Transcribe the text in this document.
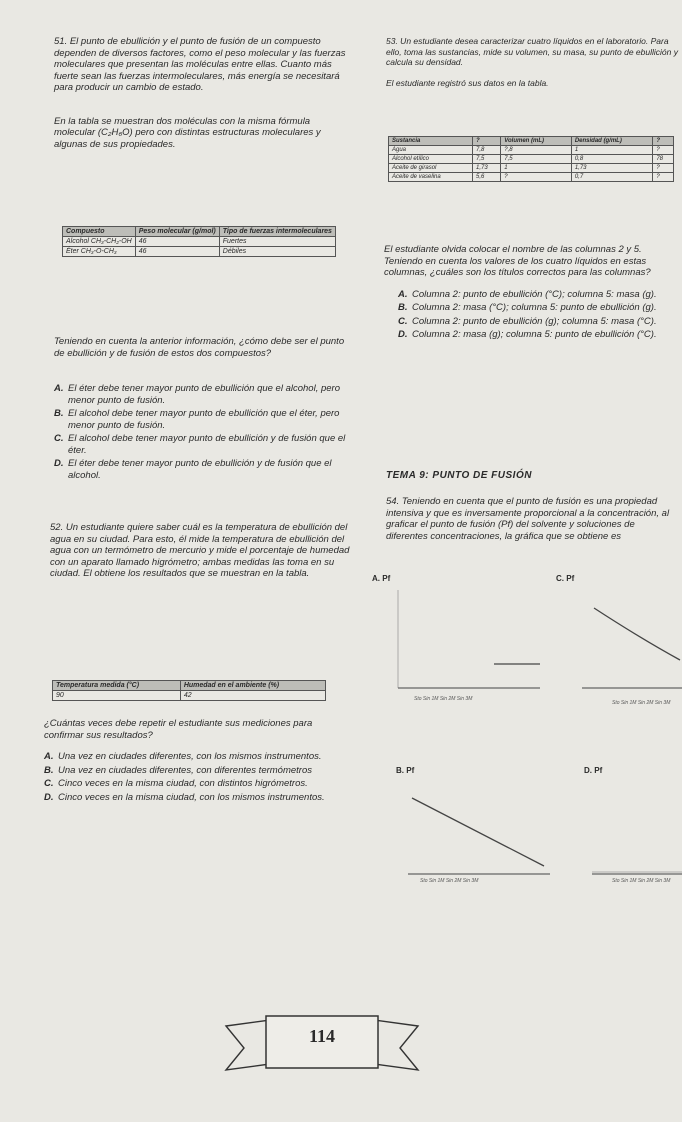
51. El punto de ebullición y el punto de fusión de un compuesto dependen de diversos factores, como el peso molecular y las fuerzas moleculares que presentan las moléculas entre ellas. Cuanto más fuerte sean las fuerzas intermoleculares, más energía se necesitará para producir un cambio de estado.

En la tabla se muestran dos moléculas con la misma fórmula molecular (C₂H₆O) pero con distintas estructuras moleculares y algunas de sus propiedades.

Compuesto	Peso molecular (g/mol)	Tipo de fuerzas intermoleculares
Alcohol CH₃-CH₂-OH	46	Fuertes
Éter CH₃-O-CH₃	46	Débiles

Teniendo en cuenta la anterior información, ¿cómo debe ser el punto de ebullición y de fusión de estos dos compuestos?

A. El éter debe tener mayor punto de ebullición que el alcohol, pero menor punto de fusión.
B. El alcohol debe tener mayor punto de ebullición que el éter, pero menor punto de fusión.
C. El alcohol debe tener mayor punto de ebullición y de fusión que el éter.
D. El éter debe tener mayor punto de ebullición y de fusión que el alcohol.

52. Un estudiante quiere saber cuál es la temperatura de ebullición del agua en su ciudad. Para esto, él mide la temperatura de ebullición del agua con un termómetro de mercurio y mide el porcentaje de humedad con un aparato llamado higrómetro; ambas medidas las toma en su ciudad. El obtiene los resultados que se muestran en la tabla.

Temperatura medida (°C)	Humedad en el ambiente (%)
90	42

¿Cuántas veces debe repetir el estudiante sus mediciones para confirmar sus resultados?

A. Una vez en ciudades diferentes, con los mismos instrumentos.
B. Una vez en ciudades diferentes, con diferentes termómetros
C. Cinco veces en la misma ciudad, con distintos higrómetros.
D. Cinco veces en la misma ciudad, con los mismos instrumentos.

53. Un estudiante desea caracterizar cuatro líquidos en el laboratorio. Para ello, toma las sustancias, mide su volumen, su masa, su punto de ebullición y calcula su densidad.

El estudiante registró sus datos en la tabla.

Sustancia	?	Volumen (mL)	Densidad (g/mL)	?
Agua	7,8	?,8	1	?
Alcohol etílico	7,5	7,5	0,8	78
Aceite de girasol	1,73	1	1,73	?
Aceite de vaselina	5,6	?	0,7	?

El estudiante olvida colocar el nombre de las columnas 2 y 5. Teniendo en cuenta los valores de los cuatro líquidos en estas columnas, ¿cuáles son los títulos correctos para las columnas?

A. Columna 2: punto de ebullición (°C); columna 5: masa (g).
B. Columna 2: masa (°C); columna 5: punto de ebullición (g).
C. Columna 2: punto de ebullición (g); columna 5: masa (°C).
D. Columna 2: masa (g); columna 5: punto de ebullición (°C).
TEMA 9: PUNTO DE FUSIÓN

54. Teniendo en cuenta que el punto de fusión es una propiedad intensiva y que es inversamente proporcional a la concentración, al graficar el punto de fusión (Pf) del solvente y soluciones de diferentes concentraciones, la gráfica que se obtiene es

A. Pf
Sto Sin 1M Sin 2M Sin 3M
C. Pf
Sto Sin 1M Sin 2M Sin 3M
B. Pf
Sto Sin 1M Sin 2M Sin 3M
D. Pf
Sto Sin 1M Sin 2M Sin 3M
114
